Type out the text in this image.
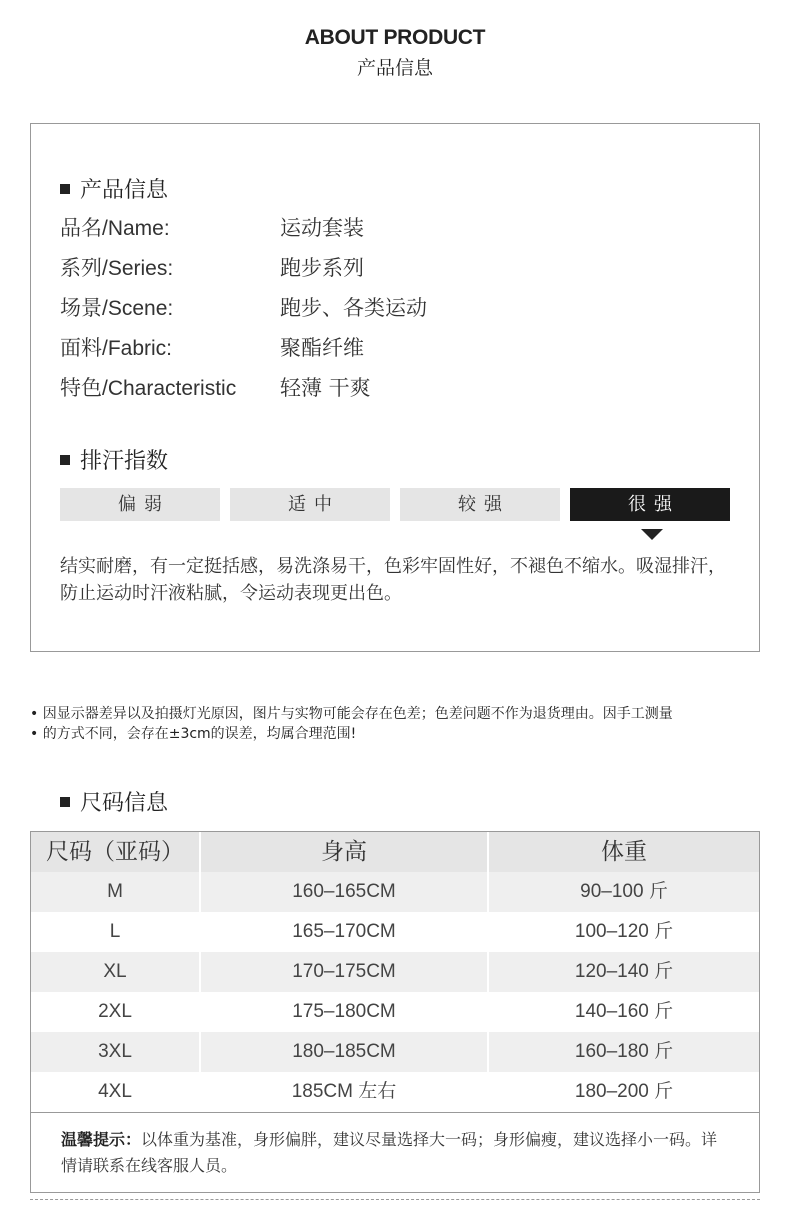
ABOUT PRODUCT
产品信息
产品信息
品名/Name:	运动套装
系列/Series:	跑步系列
场景/Scene:	跑步、各类运动
面料/Fabric:	聚酯纤维
特色/Characteristic 轻薄 干爽
排汗指数
偏弱	适中	较强	很强
结实耐磨，有一定挺括感，易洗涤易干，色彩牢固性好，不褪色不缩水。吸湿排汗，防止运动时汗液粘腻，令运动表现更出色。
• 因显示器差异以及拍摄灯光原因，图片与实物可能会存在色差；色差问题不作为退货理由。因手工测量
• 的方式不同，会存在±3cm的误差，均属合理范围!
尺码信息
尺码（亚码）	身高	体重
M	160–165CM	90–100 斤
L	165–170CM	100–120 斤
XL	170–175CM	120–140 斤
2XL	175–180CM	140–160 斤
3XL	180–185CM	160–180 斤
4XL	185CM 左右	180–200 斤
温馨提示：以体重为基准，身形偏胖，建议尽量选择大一码；身形偏瘦，建议选择小一码。详情请联系在线客服人员。
